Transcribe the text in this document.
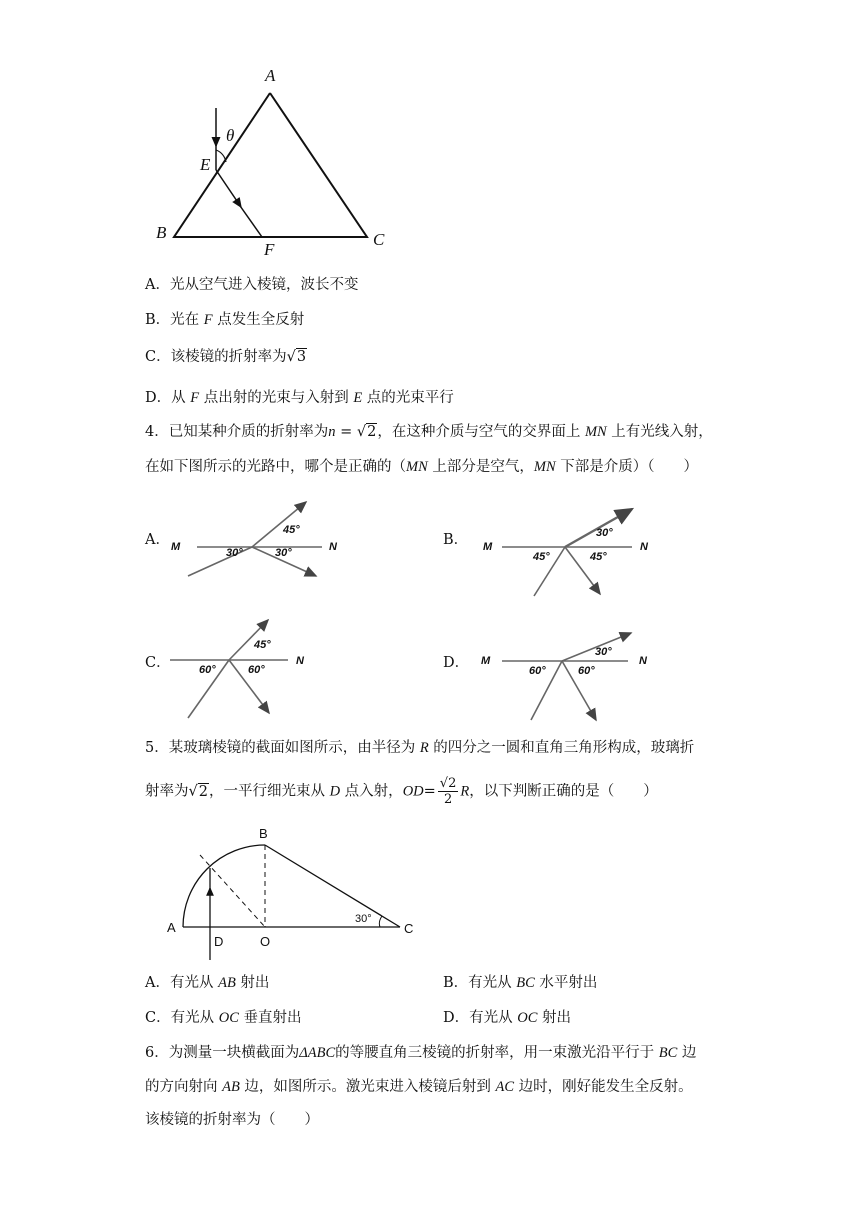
A
θ
E
B
F
C
A．光从空气进入棱镜，波长不变
B．光在 F 点发生全反射
C．该棱镜的折射率为√3
D．从 F 点出射的光束与入射到 E 点的光束平行
4．已知某种介质的折射率为n = √2，在这种介质与空气的交界面上 MN 上有光线入射，
在如下图所示的光路中，哪个是正确的（MN 上部分是空气，MN 下部是介质）（　　）
A．	B．
C．	D．
M	N
45°
30°	30°	M	N
30°
45°	45°
N
45°
60°	60°
M	N
30°
60°	60°
5．某玻璃棱镜的截面如图所示，由半径为 R 的四分之一圆和直角三角形构成，玻璃折
射率为√2，一平行细光束从 D 点入射，$OD= \frac{√2}{2}$ R，以下判断正确的是（　　）
B
A
D	O
C
30°
A．有光从 AB 射出	B．有光从 BC 水平射出
C．有光从 OC 垂直射出	D．有光从 OC 射出
6．为测量一块横截面为ΔABC的等腰直角三棱镜的折射率，用一束激光沿平行于 BC 边
的方向射向 AB 边，如图所示。激光束进入棱镜后射到 AC 边时，刚好能发生全反射。
该棱镜的折射率为（　　）
